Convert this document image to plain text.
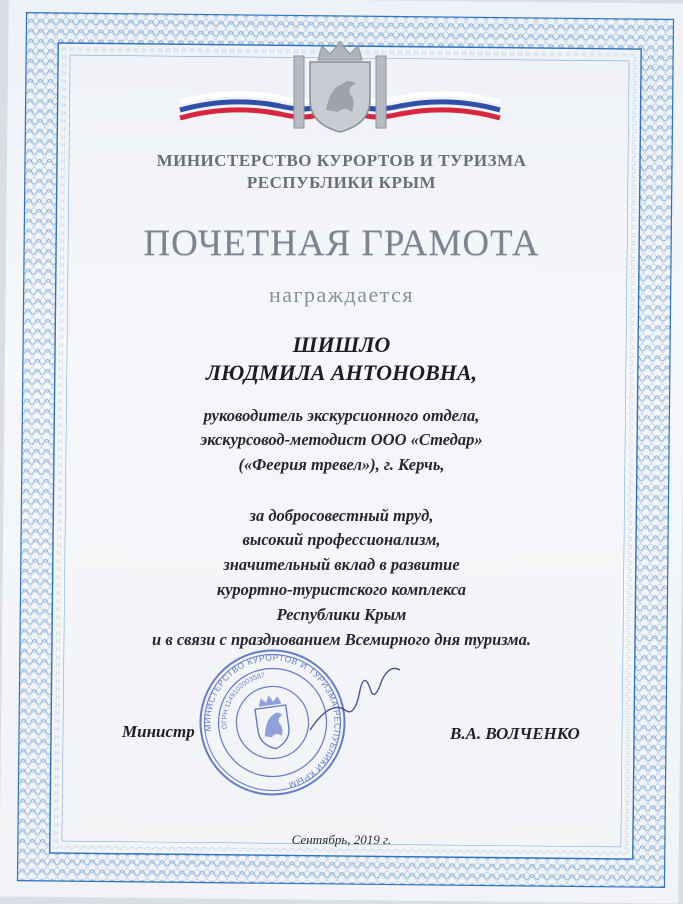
МИНИСТЕРСТВО КУРОРТОВ И ТУРИЗМА
РЕСПУБЛИКИ КРЫМ
ПОЧЕТНАЯ ГРАМОТА
награждается
ШИШЛО
ЛЮДМИЛА АНТОНОВНА,
руководитель экскурсионного отдела,
экскурсовод-методист ООО «Стедар»
(«Феерия тревел»), г. Керчь,
за добросовестный труд,
высокий профессионализм,
значительный вклад в развитие
курортно-туристского комплекса
Республики Крым
и в связи с празднованием Всемирного дня туризма.
МИНИСТЕРСТВО КУРОРТОВ И ТУРИЗМА РЕСПУБЛИКИ КРЫМ
ОГРН 1149102003587
Министр	В.А. ВОЛЧЕНКО
Сентябрь, 2019 г.
